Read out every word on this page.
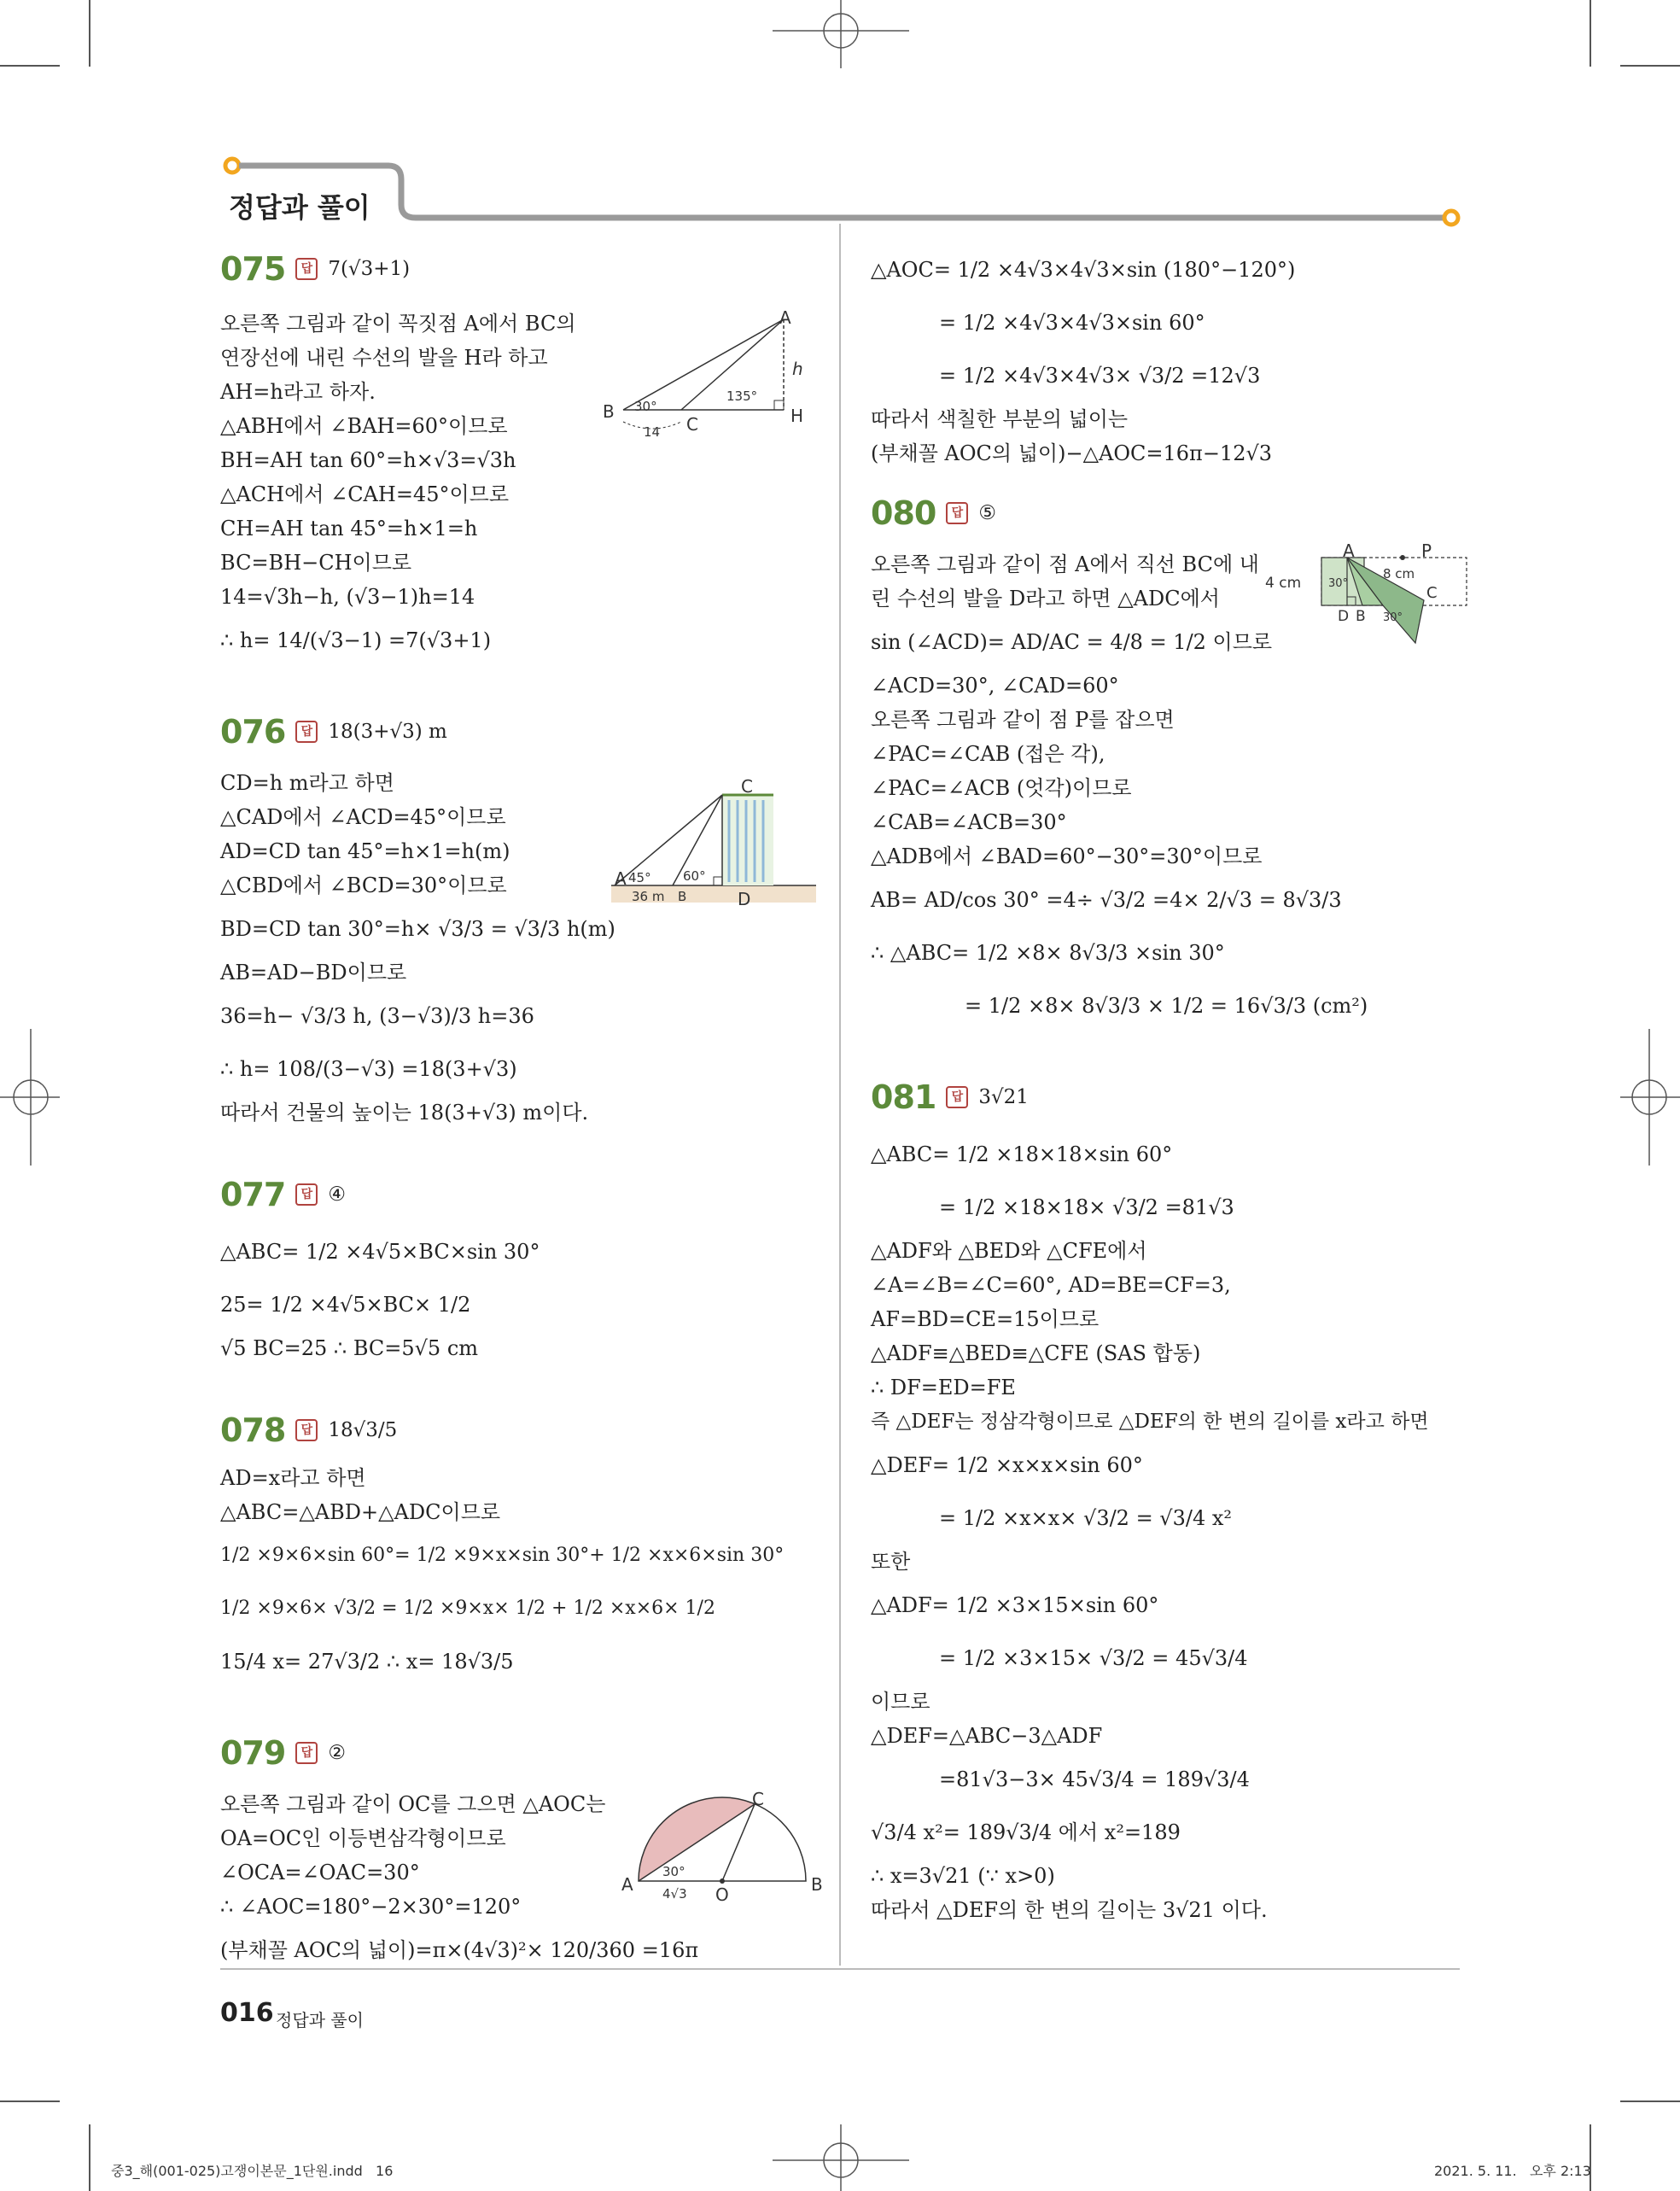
정답과 풀이
075	답 7(√3+1)
오른쪽 그림과 같이 꼭짓점 A에서 BC의
연장선에 내린 수선의 발을 H라 하고
AH=h라고 하자.
△ABH에서 ∠BAH=60°이므로
BH=AH tan 60°=h×√3=√3h
△ACH에서 ∠CAH=45°이므로
CH=AH tan 45°=h×1=h
BC=BH−CH이므로
14=√3h−h, (√3−1)h=14
∴ h= 14/(√3−1) =7(√3+1)
A
B
C	H
h
30°
135°
14
076	답 18(3+√3) m
CD=h m라고 하면
△CAD에서 ∠ACD=45°이므로
AD=CD tan 45°=h×1=h(m)
△CBD에서 ∠BCD=30°이므로
BD=CD tan 30°=h× √3/3 = √3/3 h(m)
AB=AD−BD이므로
36=h− √3/3 h, (3−√3)/3 h=36
∴ h= 108/(3−√3) =18(3+√3)
따라서 건물의 높이는 18(3+√3) m이다.
C
A 45° 60°
36 m B	D
077	답 ④
△ABC= 1/2 ×4√5×BC×sin 30°
25= 1/2 ×4√5×BC× 1/2
√5 BC=25 ∴ BC=5√5 cm
078	답 18√3/5
AD=x라고 하면
△ABC=△ABD+△ADC이므로
1/2 ×9×6×sin 60°= 1/2 ×9×x×sin 30°+ 1/2 ×x×6×sin 30°
1/2 ×9×6× √3/2 = 1/2 ×9×x× 1/2 + 1/2 ×x×6× 1/2
15/4 x= 27√3/2 ∴ x= 18√3/5
079	답 ②
오른쪽 그림과 같이 OC를 그으면 △AOC는
OA=OC인 이등변삼각형이므로
∠OCA=∠OAC=30°
∴ ∠AOC=180°−2×30°=120°
(부채꼴 AOC의 넓이)=π×(4√3)²× 120/360 =16π
C
A	B
30°
4√3 O
△AOC= 1/2 ×4√3×4√3×sin (180°−120°)
= 1/2 ×4√3×4√3×sin 60°
= 1/2 ×4√3×4√3× √3/2 =12√3
따라서 색칠한 부분의 넓이는
(부채꼴 AOC의 넓이)−△AOC=16π−12√3
080	답 ⑤
오른쪽 그림과 같이 점 A에서 직선 BC에 내
린 수선의 발을 D라고 하면 △ADC에서
sin (∠ACD)= AD/AC = 4/8 = 1/2 이므로
∠ACD=30°, ∠CAD=60°
오른쪽 그림과 같이 점 P를 잡으면
∠PAC=∠CAB (접은 각),
∠PAC=∠ACB (엇각)이므로
∠CAB=∠ACB=30°
△ADB에서 ∠BAD=60°−30°=30°이므로
AB= AD/cos 30° =4÷ √3/2 =4× 2/√3 = 8√3/3
∴ △ABC= 1/2 ×8× 8√3/3 ×sin 30°
= 1/2 ×8× 8√3/3 × 1/2 = 16√3/3 (cm²)
A	P
4 cm 30°
8 cm
C
D B 30°
081	답 3√21
△ABC= 1/2 ×18×18×sin 60°
= 1/2 ×18×18× √3/2 =81√3
△ADF와 △BED와 △CFE에서
∠A=∠B=∠C=60°, AD=BE=CF=3,
AF=BD=CE=15이므로
△ADF≡△BED≡△CFE (SAS 합동)
∴ DF=ED=FE
즉 △DEF는 정삼각형이므로 △DEF의 한 변의 길이를 x라고 하면
△DEF= 1/2 ×x×x×sin 60°
= 1/2 ×x×x× √3/2 = √3/4 x²
또한
△ADF= 1/2 ×3×15×sin 60°
= 1/2 ×3×15× √3/2 = 45√3/4
이므로
△DEF=△ABC−3△ADF
=81√3−3× 45√3/4 = 189√3/4
√3/4 x²= 189√3/4 에서 x²=189
∴ x=3√21 (∵ x>0)
따라서 △DEF의 한 변의 길이는 3√21 이다.
016 정답과 풀이
중3_해(001-025)고쟁이본문_1단원.indd   16	2021. 5. 11.   오후 2:13
